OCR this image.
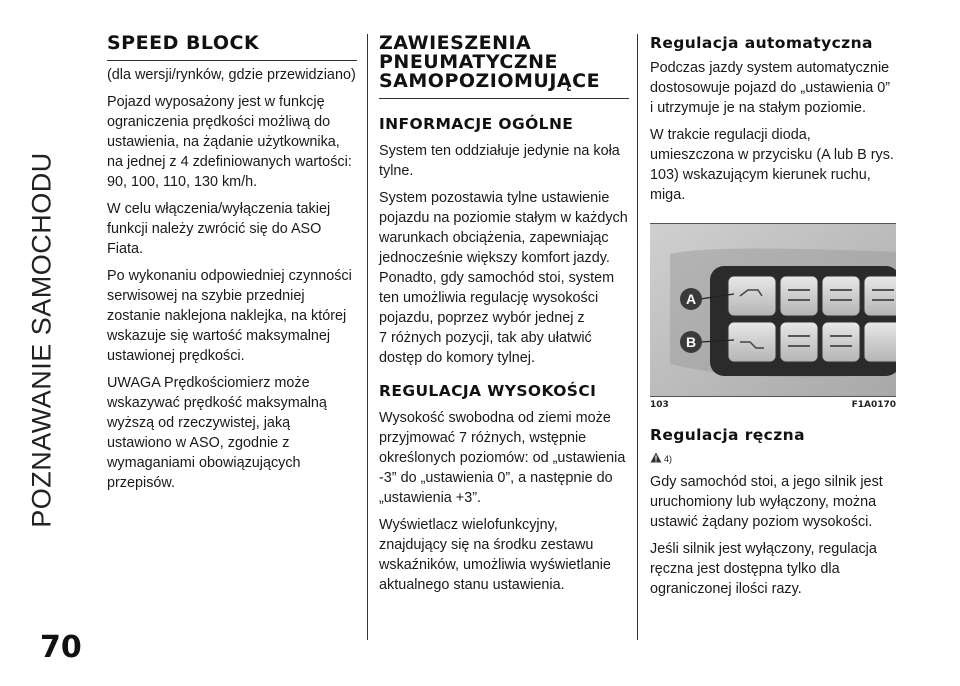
POZNAWANIE SAMOCHODU
70
SPEED BLOCK

(dla wersji/rynków, gdzie przewidziano)

Pojazd wyposażony jest w funkcję ograniczenia prędkości możliwą do ustawienia, na żądanie użytkownika, na jednej z 4 zdefiniowanych wartości:
90, 100, 110, 130 km/h.

W celu włączenia/wyłączenia takiej funkcji należy zwrócić się do ASO Fiata.

Po wykonaniu odpowiedniej czynności serwisowej na szybie przedniej zostanie naklejona naklejka, na której wskazuje się wartość maksymalnej ustawionej prędkości.

UWAGA Prędkościomierz może wskazywać prędkość maksymalną wyższą od rzeczywistej, jaką ustawiono w ASO, zgodnie z wymaganiami obowiązujących przepisów.

ZAWIESZENIA PNEUMATYCZNE SAMOPOZIOMUJĄCE
INFORMACJE OGÓLNE

System ten oddziałuje jedynie na koła tylne.

System pozostawia tylne ustawienie pojazdu na poziomie stałym w każdych warunkach obciążenia, zapewniając jednocześnie większy komfort jazdy. Ponadto, gdy samochód stoi, system ten umożliwia regulację wysokości pojazdu, poprzez wybór jednej z
7 różnych pozycji, tak aby ułatwić dostęp do komory tylnej.

REGULACJA WYSOKOŚCI

Wysokość swobodna od ziemi może przyjmować 7 różnych, wstępnie określonych poziomów: od „ustawienia -3” do „ustawienia 0”, a następnie do „ustawienia +3”.

Wyświetlacz wielofunkcyjny, znajdujący się na środku zestawu wskaźników, umożliwia wyświetlanie aktualnego stanu ustawienia.

Regulacja automatyczna

Podczas jazdy system automatycznie dostosowuje pojazd do „ustawienia 0” i utrzymuje je na stałym poziomie.

W trakcie regulacji dioda, umieszczona w przycisku (A lub B rys. 103) wskazującym kierunek ruchu, miga.

A
B
103	F1A0170
Regulacja ręczna
4)

Gdy samochód stoi, a jego silnik jest uruchomiony lub wyłączony, można ustawić żądany poziom wysokości.

Jeśli silnik jest wyłączony, regulacja ręczna jest dostępna tylko dla ograniczonej ilości razy.
